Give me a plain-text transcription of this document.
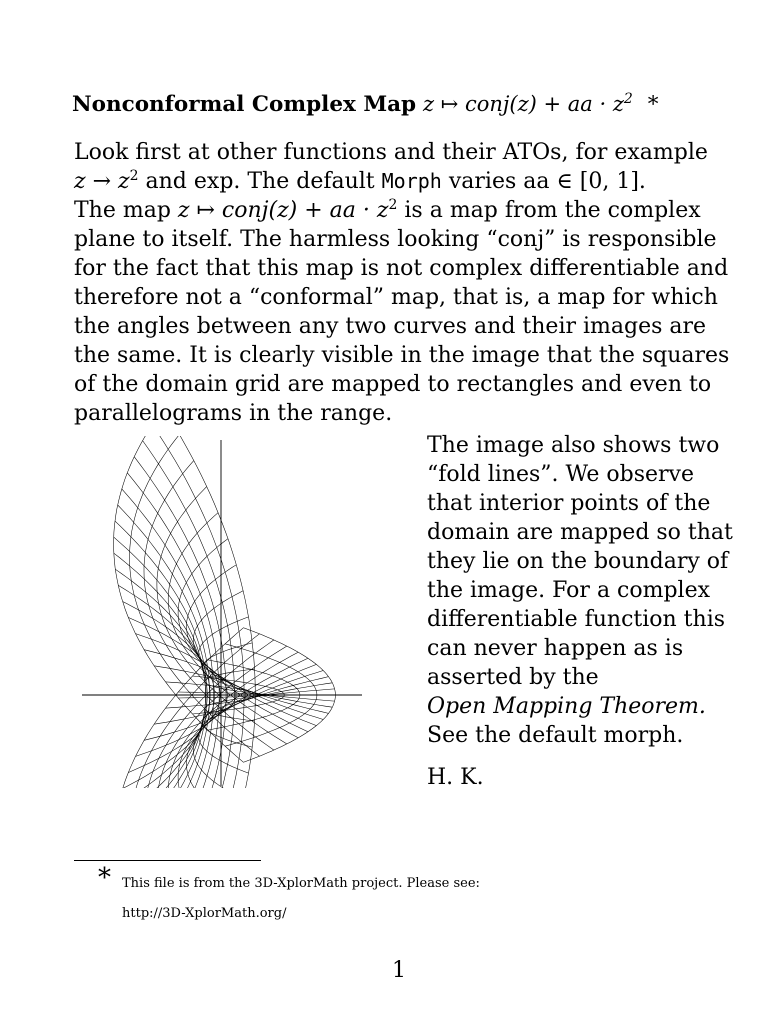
Nonconformal Complex Map z ↦ conj(z) + aa · $z^2$ *
Look first at other functions and their ATOs, for example
$z \to z^2$ and exp. The default Morph varies aa ∈ [0, 1].
The map z ↦ conj(z) + aa · $z^2$ is a map from the complex
plane to itself. The harmless looking “conj” is responsible
for the fact that this map is not complex differentiable and
therefore not a “conformal” map, that is, a map for which
the angles between any two curves and their images are
the same. It is clearly visible in the image that the squares
of the domain grid are mapped to rectangles and even to
parallelograms in the range.
The image also shows two
“fold lines”. We observe
that interior points of the
domain are mapped so that
they lie on the boundary of
the image. For a complex
differentiable function this
can never happen as is
asserted by the
Open Mapping Theorem.
See the default morph.
H. K.
* This file is from the 3D-XplorMath project. Please see:
http://3D-XplorMath.org/
1
